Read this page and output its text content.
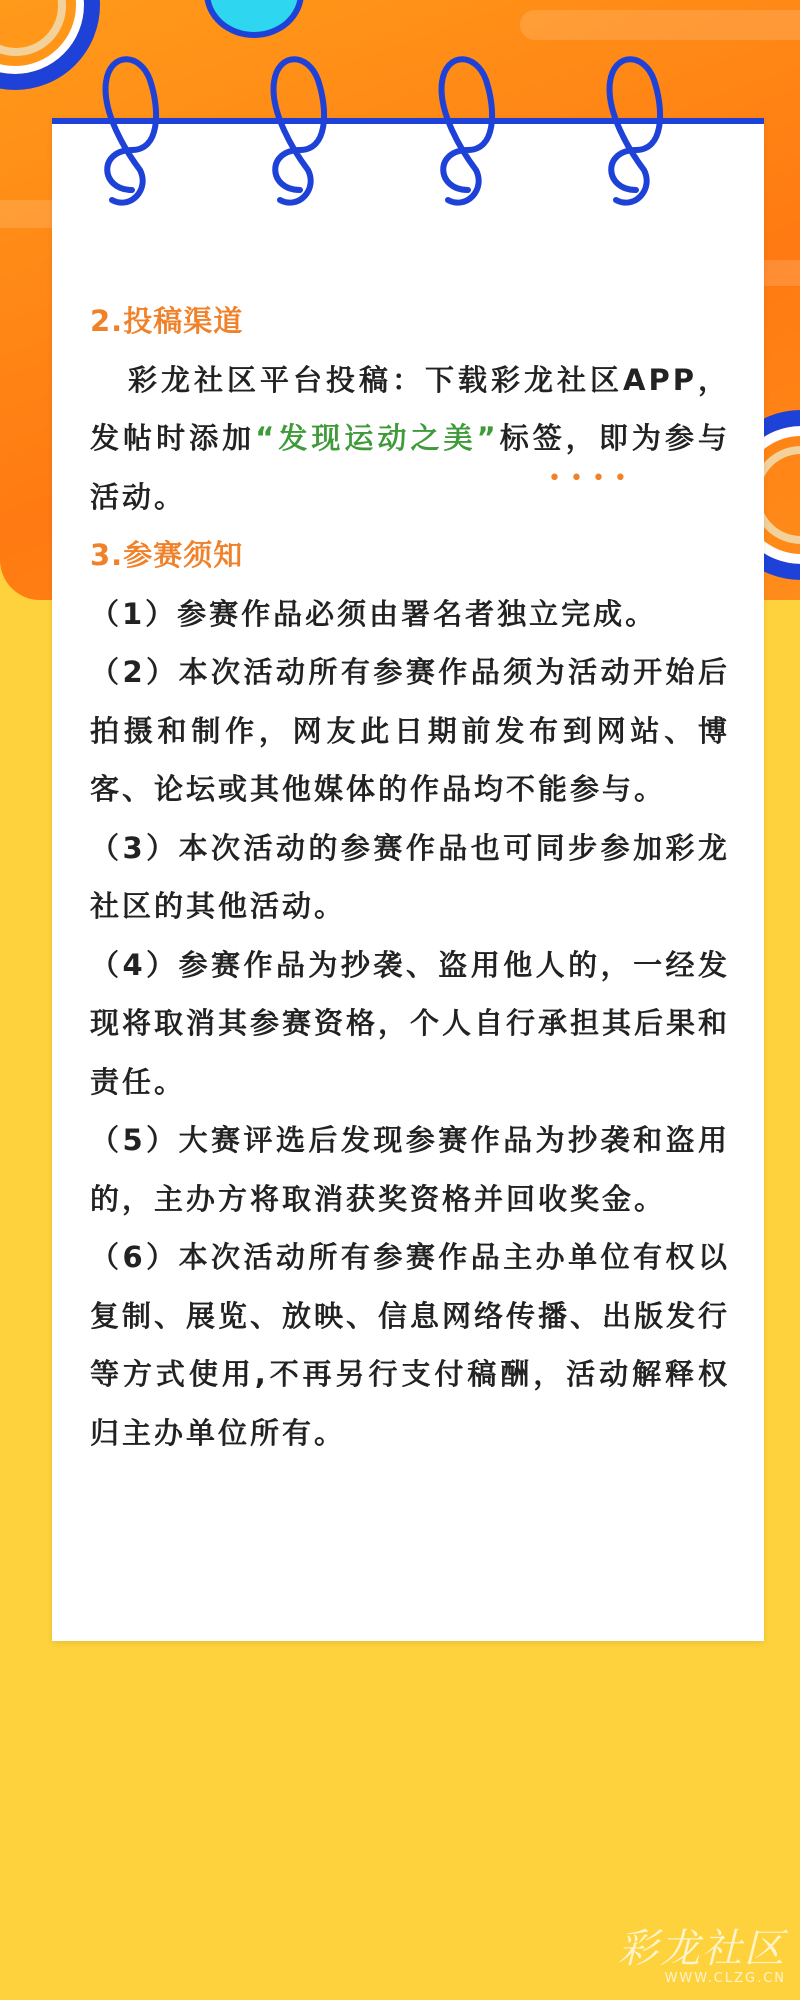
2.投稿渠道

彩龙社区平台投稿：下载彩龙社区APP，发帖时添加“发现运动之美”标签，即为参与活动。

3.参赛须知

（1）参赛作品必须由署名者独立完成。

（2）本次活动所有参赛作品须为活动开始后拍摄和制作，网友此日期前发布到网站、博客、论坛或其他媒体的作品均不能参与。

（3）本次活动的参赛作品也可同步参加彩龙社区的其他活动。

（4）参赛作品为抄袭、盗用他人的，一经发现将取消其参赛资格，个人自行承担其后果和责任。

（5）大赛评选后发现参赛作品为抄袭和盗用的，主办方将取消获奖资格并回收奖金。

（6）本次活动所有参赛作品主办单位有权以复制、展览、放映、信息网络传播、出版发行等方式使用,不再另行支付稿酬，活动解释权归主办单位所有。

• • • •
彩龙社区
WWW.CLZG.CN
